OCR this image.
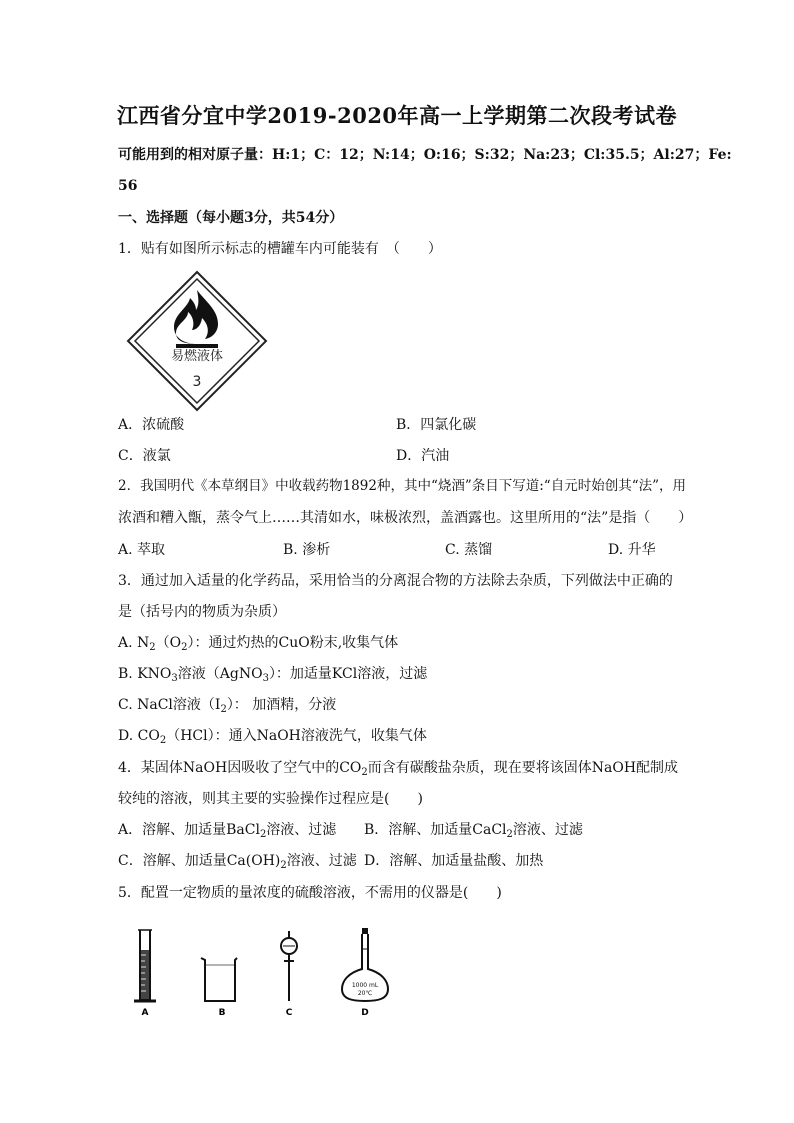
江西省分宜中学2019-2020年高一上学期第二次段考试卷
可能用到的相对原子量：H:1；C：12；N:14；O:16；S:32；Na:23；Cl:35.5；Al:27；Fe:
56
一、选择题（每小题3分，共54分）
1．贴有如图所示标志的槽罐车内可能装有　（　　）
易燃液体
3
A．浓硫酸	B．四氯化碳
C．液氯	D．汽油
2．我国明代《本草纲目》中收载药物1892种，其中“烧酒”条目下写道:“自元时始创其“法”，用
浓酒和糟入甑，蒸令气上……其清如水，味极浓烈，盖酒露也。这里所用的“法”是指（　　）
A. 萃取	B. 渗析	C. 蒸馏	D. 升华
3．通过加入适量的化学药品，采用恰当的分离混合物的方法除去杂质，下列做法中正确的
是（括号内的物质为杂质）
A. $N_2(O_2)$：通过灼热的CuO粉末,收集气体
B. $KNO_3$溶液（AgNO$_3$）：加适量KCl溶液，过滤
C. NaCl溶液$(I_2)$： 加酒精，分液
D. $CO_2(HCl)$：通入NaOH溶液洗气，收集气体
4．某固体NaOH因吸收了空气中的$CO_2$而含有碳酸盐杂质，现在要将该固体NaOH配制成
较纯的溶液，则其主要的实验操作过程应是(　　)
A．溶解、加适量BaCl$_2$溶液、过滤 B．溶解、加适量CaCl$_2$溶液、过滤
C．溶解、加适量$Ca(OH)_2$溶液、过滤 D．溶解、加适量盐酸、加热
5．配置一定物质的量浓度的硫酸溶液，不需用的仪器是(　　)
A	B	C
1000 mL
20℃
D
